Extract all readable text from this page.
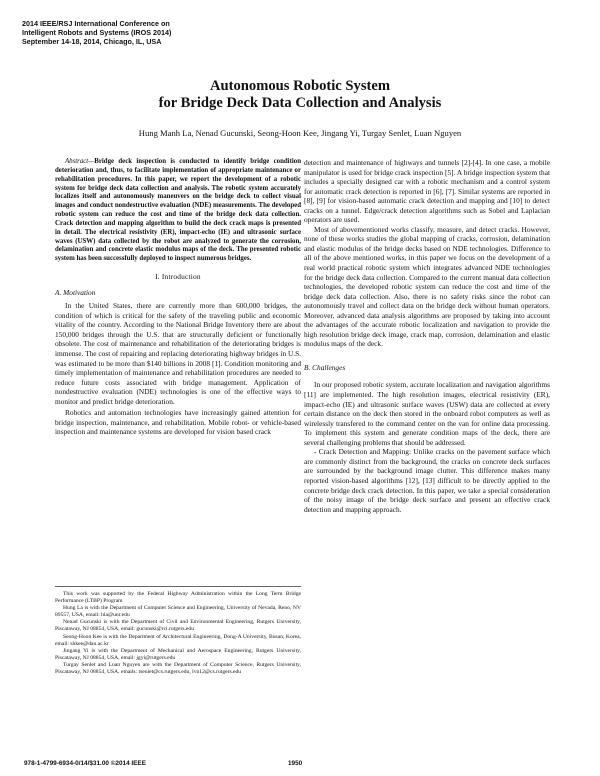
2014 IEEE/RSJ International Conference on
Intelligent Robots and Systems (IROS 2014)
September 14-18, 2014, Chicago, IL, USA
Autonomous Robotic System
for Bridge Deck Data Collection and Analysis
Hung Manh La, Nenad Gucunski, Seong-Hoon Kee, Jingang Yi, Turgay Senlet, Luan Nguyen

Abstract—Bridge deck inspection is conducted to identify bridge condition deterioration and, thus, to facilitate implementation of appropriate maintenance or rehabilitation procedures. In this paper, we report the development of a robotic system for bridge deck data collection and analysis. The robotic system accurately localizes itself and autonomously maneuvers on the bridge deck to collect visual images and conduct nondestructive evaluation (NDE) measurements. The developed robotic system can reduce the cost and time of the bridge deck data collection. Crack detection and mapping algorithm to build the deck crack maps is presented in detail. The electrical resistivity (ER), impact-echo (IE) and ultrasonic surface waves (USW) data collected by the robot are analyzed to generate the corrosion, delamination and concrete elastic modulus maps of the deck. The presented robotic system has been successfully deployed to inspect numerous bridges.

I. Introduction
A. Motivation

In the United States, there are currently more than 600,000 bridges, the condition of which is critical for the safety of the traveling public and economic vitality of the country. According to the National Bridge Inventory there are about 150,000 bridges through the U.S. that are structurally deficient or functionally obsolete. The cost of maintenance and rehabilitation of the deteriorating bridges is immense. The cost of repairing and replacing deteriorating highway bridges in U.S. was estimated to be more than $140 billions in 2008 [1]. Condition monitoring and timely implementation of maintenance and rehabilitation procedures are needed to reduce future costs associated with bridge management. Application of nondestructive evaluation (NDE) technologies is one of the effective ways to monitor and predict bridge deterioration.

Robotics and automation technologies have increasingly gained attention for bridge inspection, maintenance, and rehabilitation. Mobile robot- or vehicle-based inspection and maintenance systems are developed for vision based crack

This work was supported by the Federal Highway Administration within the Long Term Bridge Performance (LTBP) Program

Hung La is with the Department of Computer Science and Engineering, University of Nevada, Reno, NV 89557, USA, email: hla@unr.edu

Nenad Gucunski is with the Department of Civil and Environmental Engineering, Rutgers University, Piscataway, NJ 08854, USA, email: gucunski@rci.rutgers.edu

Seong-Hoon Kee is with the Department of Architectural Engineering, Dong-A University, Busan, Korea, email: shkee@dau.ac.kr

Jingang Yi is with the Department of Mechanical and Aerospace Engineering, Rutgers University, Piscataway, NJ 08854, USA, email: jgyi@rutgers.edu

Turgay Senlet and Luan Nguyen are with the Department of Computer Science, Rutgers University, Piscataway, NJ 08854, USA, emails: tsenlet@cs.rutgers.edu, lvn12@cs.rutgers.edu

detection and maintenance of highways and tunnels [2]-[4]. In one case, a mobile manipulator is used for bridge crack inspection [5]. A bridge inspection system that includes a specially designed car with a robotic mechanism and a control system for automatic crack detection is reported in [6], [7]. Similar systems are reported in [8], [9] for vision-based automatic crack detection and mapping and [10] to detect cracks on a tunnel. Edge/crack detection algorithms such as Sobel and Laplacian operators are used.

Most of abovementioned works classify, measure, and detect cracks. However, none of these works studies the global mapping of cracks, corrosion, delamination and elastic modulus of the bridge decks based on NDE technologies. Difference to all of the above mentioned works, in this paper we focus on the development of a real world practical robotic system which integrates advanced NDE technologies for the bridge deck data collection. Compared to the current manual data collection technologies, the developed robotic system can reduce the cost and time of the bridge deck data collection. Also, there is no safety risks since the robot can autonomously travel and collect data on the bridge deck without human operators. Moreover, advanced data analysis algorithms are proposed by taking into account the advantages of the accurate robotic localization and navigation to provide the high resolution bridge deck image, crack map, corrosion, delamination and elastic modulus maps of the deck.

B. Challenges

In our proposed robotic system, accurate localization and navigation algorithms [11] are implemented. The high resolution images, electrical resistivity (ER), impact-echo (IE) and ultrasonic surface waves (USW) data are collected at every certain distance on the deck then stored in the onboard robot computers as well as wirelessly transfered to the command center on the van for online data processing. To implement this system and generate condition maps of the deck, there are several challenging problems that should be addressed.

- Crack Detection and Mapping: Unlike cracks on the pavement surface which are commonly distinct from the background, the cracks on concrete deck surfaces are surrounded by the background image clutter. This difference makes many reported vision-based algorithms [12], [13] difficult to be directly applied to the concrete bridge deck crack detection. In this paper, we take a special consideration of the noisy image of the bridge deck surface and present an effective crack detection and mapping approach.

978-1-4799-6934-0/14/$31.00 ©2014 IEEE	1950
